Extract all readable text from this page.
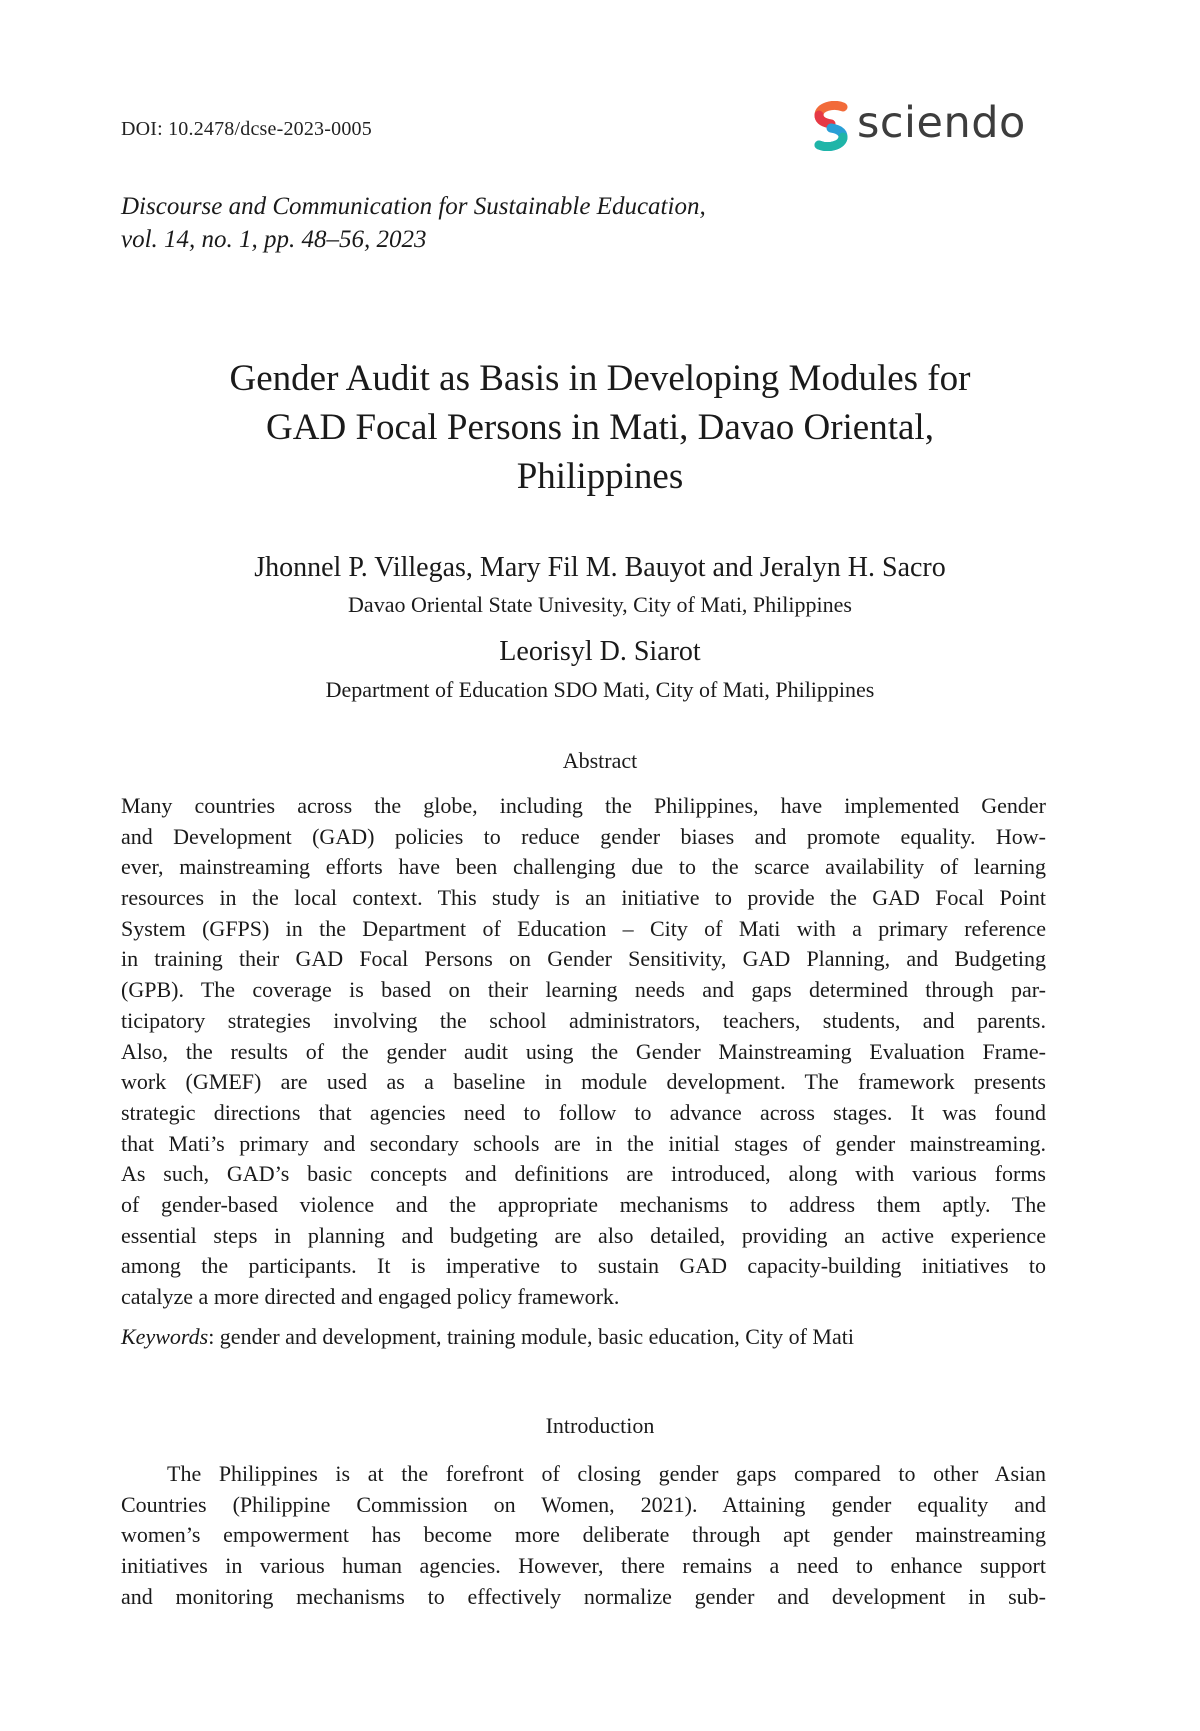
DOI: 10.2478/dcse-2023-0005	sciendo
Discourse and Communication for Sustainable Education,
vol. 14, no. 1, pp. 48–56, 2023
Gender Audit as Basis in Developing Modules for
GAD Focal Persons in Mati, Davao Oriental,
Philippines
Jhonnel P. Villegas, Mary Fil M. Bauyot and Jeralyn H. Sacro
Davao Oriental State Univesity, City of Mati, Philippines
Leorisyl D. Siarot
Department of Education SDO Mati, City of Mati, Philippines
Abstract
Many countries across the globe, including the Philippines, have implemented Gender
and Development (GAD) policies to reduce gender biases and promote equality. How-
ever, mainstreaming efforts have been challenging due to the scarce availability of learning
resources in the local context. This study is an initiative to provide the GAD Focal Point
System (GFPS) in the Department of Education – City of Mati with a primary reference
in training their GAD Focal Persons on Gender Sensitivity, GAD Planning, and Budgeting
(GPB). The coverage is based on their learning needs and gaps determined through par-
ticipatory strategies involving the school administrators, teachers, students, and parents.
Also, the results of the gender audit using the Gender Mainstreaming Evaluation Frame-
work (GMEF) are used as a baseline in module development. The framework presents
strategic directions that agencies need to follow to advance across stages. It was found
that Mati’s primary and secondary schools are in the initial stages of gender mainstreaming.
As such, GAD’s basic concepts and definitions are introduced, along with various forms
of gender-based violence and the appropriate mechanisms to address them aptly. The
essential steps in planning and budgeting are also detailed, providing an active experience
among the participants. It is imperative to sustain GAD capacity-building initiatives to
catalyze a more directed and engaged policy framework.
Keywords: gender and development, training module, basic education, City of Mati
Introduction
The Philippines is at the forefront of closing gender gaps compared to other Asian
Countries (Philippine Commission on Women, 2021). Attaining gender equality and
women’s empowerment has become more deliberate through apt gender mainstreaming
initiatives in various human agencies. However, there remains a need to enhance support
and monitoring mechanisms to effectively normalize gender and development in sub-
